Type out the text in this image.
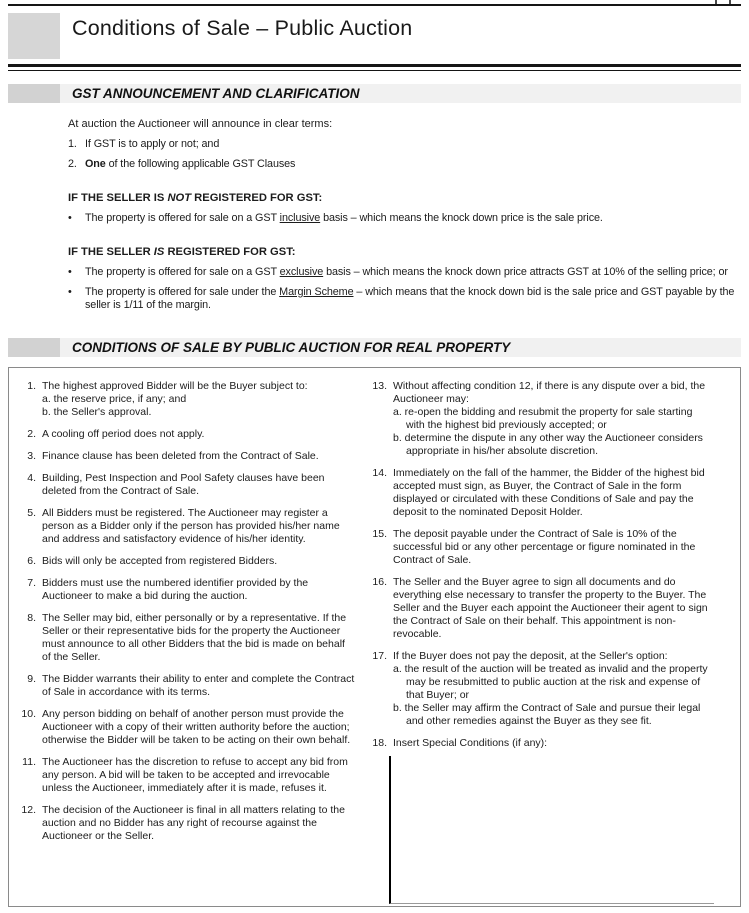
Conditions of Sale – Public Auction
GST ANNOUNCEMENT AND CLARIFICATION

At auction the Auctioneer will announce in clear terms:

1. If GST is to apply or not; and
2. One of the following applicable GST Clauses

IF THE SELLER IS NOT REGISTERED FOR GST:

•	The property is offered for sale on a GST inclusive basis – which means the knock down price is the sale price.

IF THE SELLER IS REGISTERED FOR GST:

•	The property is offered for sale on a GST exclusive basis – which means the knock down price attracts GST at 10% of the selling price; or
•	The property is offered for sale under the Margin Scheme – which means that the knock down bid is the sale price and GST payable by the seller is 1/11 of the margin.
CONDITIONS OF SALE BY PUBLIC AUCTION FOR REAL PROPERTY
1. The highest approved Bidder will be the Buyer subject to:
a. the reserve price, if any; and
b. the Seller's approval.
2. A cooling off period does not apply.
3. Finance clause has been deleted from the Contract of Sale.
4. Building, Pest Inspection and Pool Safety clauses have been deleted from the Contract of Sale.
5. All Bidders must be registered. The Auctioneer may register a person as a Bidder only if the person has provided his/her name and address and satisfactory evidence of his/her identity.
6. Bids will only be accepted from registered Bidders.
7. Bidders must use the numbered identifier provided by the Auctioneer to make a bid during the auction.
8. The Seller may bid, either personally or by a representative. If the Seller or their representative bids for the property the Auctioneer must announce to all other Bidders that the bid is made on behalf of the Seller.
9. The Bidder warrants their ability to enter and complete the Contract of Sale in accordance with its terms.
10. Any person bidding on behalf of another person must provide the Auctioneer with a copy of their written authority before the auction; otherwise the Bidder will be taken to be acting on their own behalf.
11. The Auctioneer has the discretion to refuse to accept any bid from any person. A bid will be taken to be accepted and irrevocable unless the Auctioneer, immediately after it is made, refuses it.
12. The decision of the Auctioneer is final in all matters relating to the auction and no Bidder has any right of recourse against the Auctioneer or the Seller.
13. Without affecting condition 12, if there is any dispute over a bid, the Auctioneer may:
a. re-open the bidding and resubmit the property for sale starting with the highest bid previously accepted; or
b. determine the dispute in any other way the Auctioneer considers appropriate in his/her absolute discretion.
14. Immediately on the fall of the hammer, the Bidder of the highest bid accepted must sign, as Buyer, the Contract of Sale in the form displayed or circulated with these Conditions of Sale and pay the deposit to the nominated Deposit Holder.
15. The deposit payable under the Contract of Sale is 10% of the successful bid or any other percentage or figure nominated in the Contract of Sale.
16. The Seller and the Buyer agree to sign all documents and do everything else necessary to transfer the property to the Buyer. The Seller and the Buyer each appoint the Auctioneer their agent to sign the Contract of Sale on their behalf. This appointment is non-revocable.
17. If the Buyer does not pay the deposit, at the Seller's option:
a. the result of the auction will be treated as invalid and the property may be resubmitted to public auction at the risk and expense of that Buyer; or
b. the Seller may affirm the Contract of Sale and pursue their legal and other remedies against the Buyer as they see fit.
18. Insert Special Conditions (if any):
